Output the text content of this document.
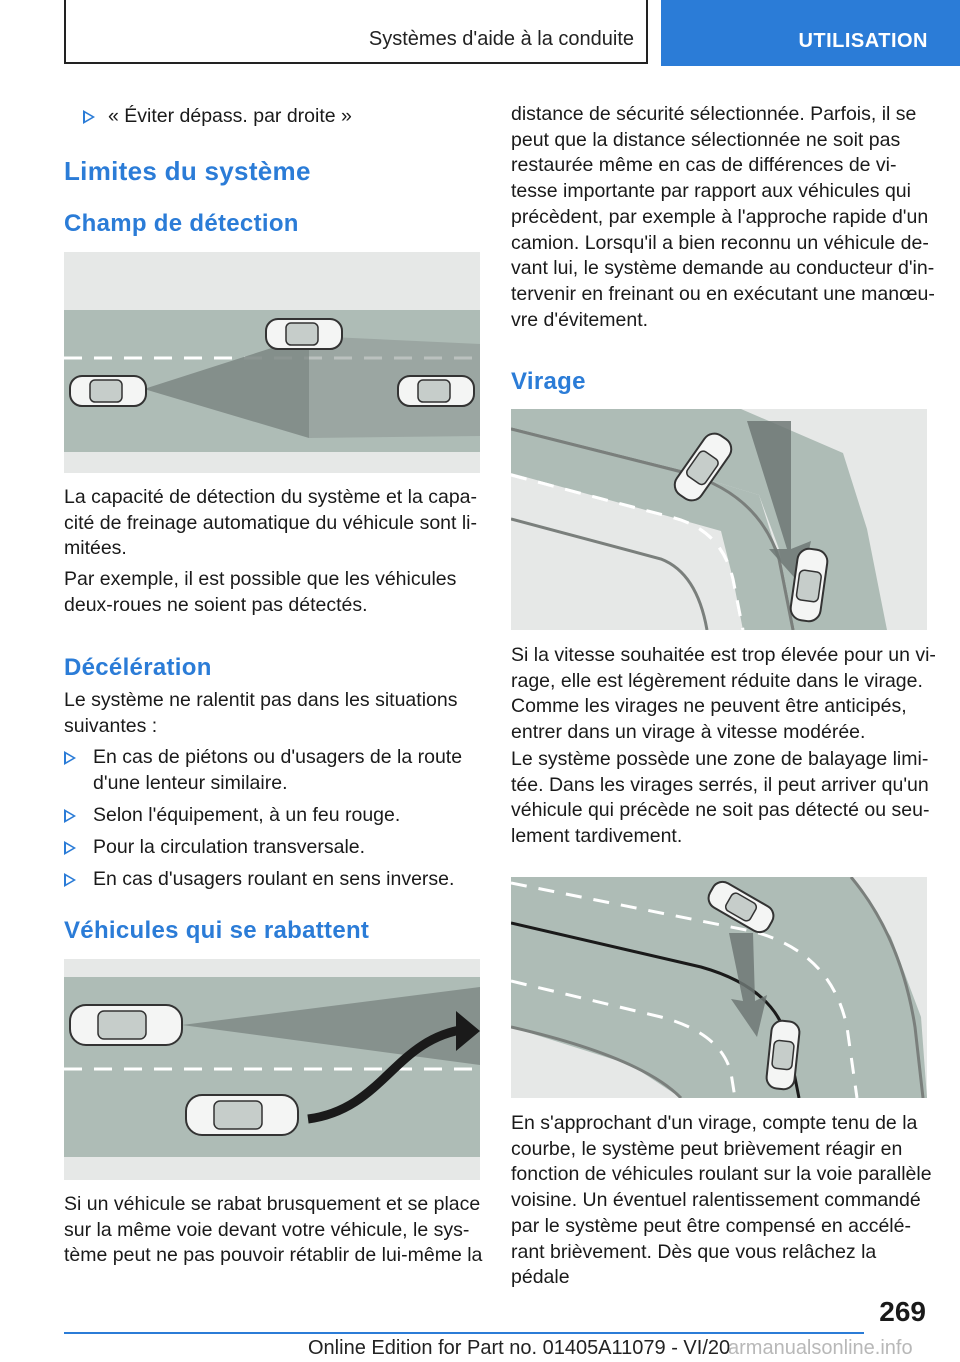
Systèmes d'aide à la conduite	UTILISATION
« Éviter dépass. par droite »
Limites du système
Champ de détection

La capacité de détection du système et la capa-
cité de freinage automatique du véhicule sont li-
mitées.

Par exemple, il est possible que les véhicules
deux-roues ne soient pas détectés.

Décélération

Le système ne ralentit pas dans les situations
suivantes :

En cas de piétons ou d'usagers de la route
d'une lenteur similaire.
Selon l'équipement, à un feu rouge.
Pour la circulation transversale.
En cas d'usagers roulant en sens inverse.
Véhicules qui se rabattent

Si un véhicule se rabat brusquement et se place
sur la même voie devant votre véhicule, le sys-
tème peut ne pas pouvoir rétablir de lui-même la

distance de sécurité sélectionnée. Parfois, il se
peut que la distance sélectionnée ne soit pas
restaurée même en cas de différences de vi-
tesse importante par rapport aux véhicules qui
précèdent, par exemple à l'approche rapide d'un
camion. Lorsqu'il a bien reconnu un véhicule de-
vant lui, le système demande au conducteur d'in-
tervenir en freinant ou en exécutant une manœu-
vre d'évitement.

Virage

Si la vitesse souhaitée est trop élevée pour un vi-
rage, elle est légèrement réduite dans le virage.
Comme les virages ne peuvent être anticipés,
entrer dans un virage à vitesse modérée.

Le système possède une zone de balayage limi-
tée. Dans les virages serrés, il peut arriver qu'un
véhicule qui précède ne soit pas détecté ou seu-
lement tardivement.

En s'approchant d'un virage, compte tenu de la
courbe, le système peut brièvement réagir en
fonction de véhicules roulant sur la voie parallèle
voisine. Un éventuel ralentissement commandé
par le système peut être compensé en accélé-
rant brièvement. Dès que vous relâchez la pédale

269
Online Edition for Part no. 01405A11079 - VI/20
armanualsonline.info
